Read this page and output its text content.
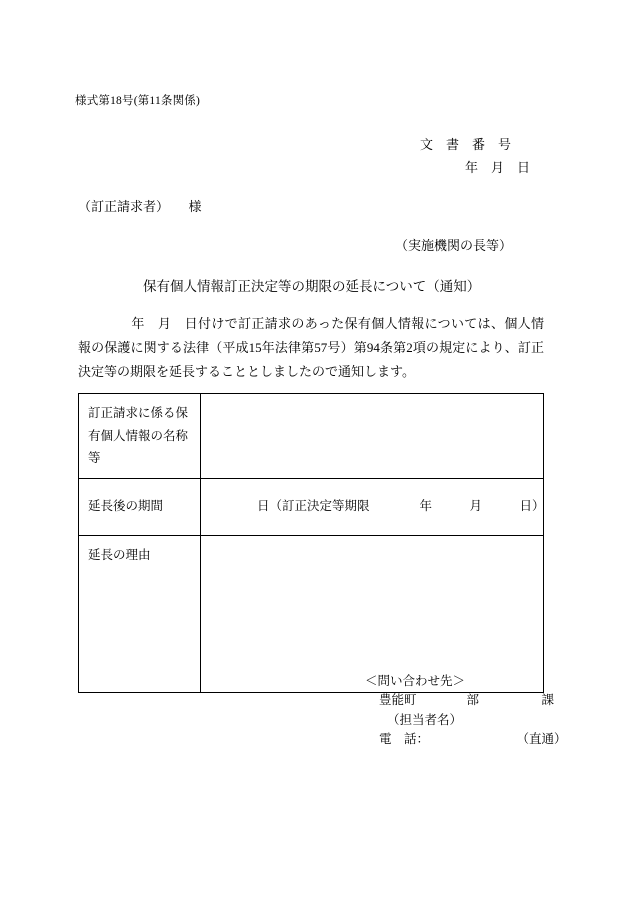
様式第18号(第11条関係)
文　書　番　号
年　月　日
（訂正請求者）　　様
（実施機関の長等）
保有個人情報訂正決定等の期限の延長について（通知）
　　　　年　月　日付けで訂正請求のあった保有個人情報については、個人情報の保護に関する法律（平成15年法律第57号）第94条第2項の規定により、訂正決定等の期限を延長することとしましたので通知します。
訂正請求に係る保有個人情報の名称等	
延長後の期間	日（訂正決定等期限　　　　年　　　月　　　日）
延長の理由	
＜問い合わせ先＞
豊能町　　　　部　　　　　課
（担当者名）
電　話：　　　　　　　　（直通）
